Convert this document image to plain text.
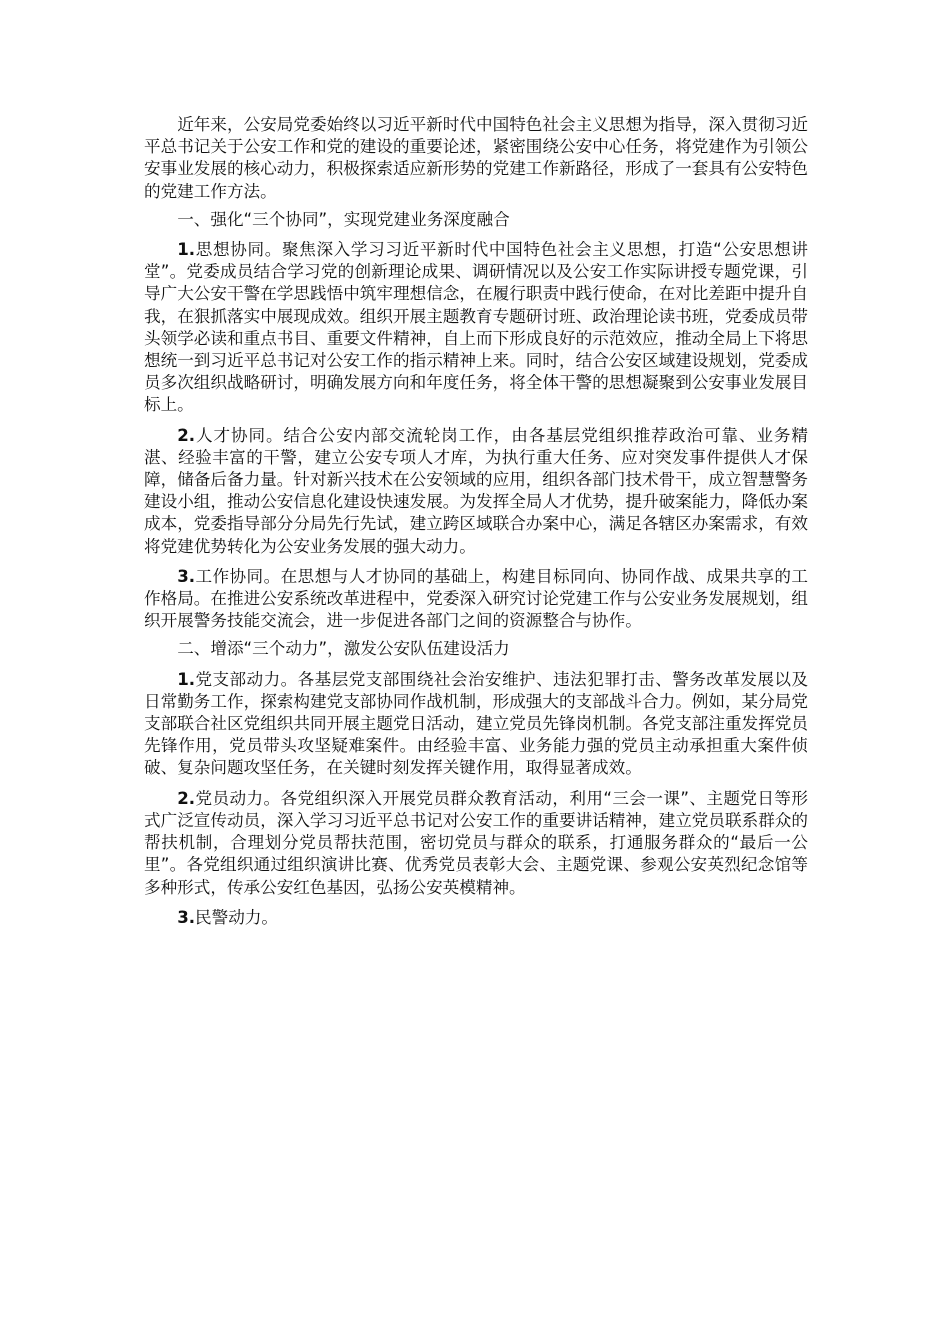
近年来，公安局党委始终以习近平新时代中国特色社会主义思想为指导，深入贯彻习近平总书记关于公安工作和党的建设的重要论述，紧密围绕公安中心任务，将党建作为引领公安事业发展的核心动力，积极探索适应新形势的党建工作新路径，形成了一套具有公安特色的党建工作方法。

一、强化“三个协同”，实现党建业务深度融合

1.思想协同。聚焦深入学习习近平新时代中国特色社会主义思想，打造“公安思想讲堂”。党委成员结合学习党的创新理论成果、调研情况以及公安工作实际讲授专题党课，引导广大公安干警在学思践悟中筑牢理想信念，在履行职责中践行使命，在对比差距中提升自我，在狠抓落实中展现成效。组织开展主题教育专题研讨班、政治理论读书班，党委成员带头领学必读和重点书目、重要文件精神，自上而下形成良好的示范效应，推动全局上下将思想统一到习近平总书记对公安工作的指示精神上来。同时，结合公安区域建设规划，党委成员多次组织战略研讨，明确发展方向和年度任务，将全体干警的思想凝聚到公安事业发展目标上。

2.人才协同。结合公安内部交流轮岗工作，由各基层党组织推荐政治可靠、业务精湛、经验丰富的干警，建立公安专项人才库，为执行重大任务、应对突发事件提供人才保障，储备后备力量。针对新兴技术在公安领域的应用，组织各部门技术骨干，成立智慧警务建设小组，推动公安信息化建设快速发展。为发挥全局人才优势，提升破案能力，降低办案成本，党委指导部分分局先行先试，建立跨区域联合办案中心，满足各辖区办案需求，有效将党建优势转化为公安业务发展的强大动力。

3.工作协同。在思想与人才协同的基础上，构建目标同向、协同作战、成果共享的工作格局。在推进公安系统改革进程中，党委深入研究讨论党建工作与公安业务发展规划，组织开展警务技能交流会，进一步促进各部门之间的资源整合与协作。

二、增添“三个动力”，激发公安队伍建设活力

1.党支部动力。各基层党支部围绕社会治安维护、违法犯罪打击、警务改革发展以及日常勤务工作，探索构建党支部协同作战机制，形成强大的支部战斗合力。例如，某分局党支部联合社区党组织共同开展主题党日活动，建立党员先锋岗机制。各党支部注重发挥党员先锋作用，党员带头攻坚疑难案件。由经验丰富、业务能力强的党员主动承担重大案件侦破、复杂问题攻坚任务，在关键时刻发挥关键作用，取得显著成效。

2.党员动力。各党组织深入开展党员群众教育活动，利用“三会一课”、主题党日等形式广泛宣传动员，深入学习习近平总书记对公安工作的重要讲话精神，建立党员联系群众的帮扶机制，合理划分党员帮扶范围，密切党员与群众的联系，打通服务群众的“最后一公里”。各党组织通过组织演讲比赛、优秀党员表彰大会、主题党课、参观公安英烈纪念馆等多种形式，传承公安红色基因，弘扬公安英模精神。

3.民警动力。
